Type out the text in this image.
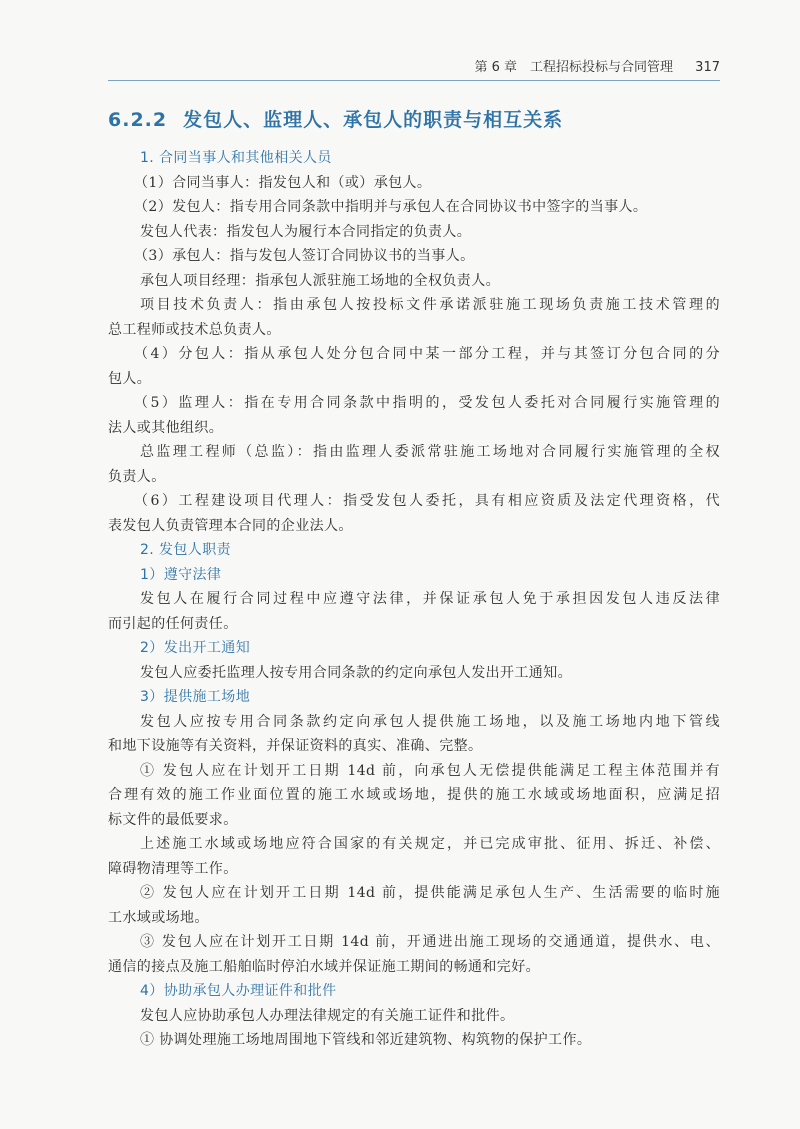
第 6 章　工程招标投标与合同管理 317
6.2.2 发包人、监理人、承包人的职责与相互关系
1. 合同当事人和其他相关人员
（1）合同当事人：指发包人和（或）承包人。
（2）发包人：指专用合同条款中指明并与承包人在合同协议书中签字的当事人。
发包人代表：指发包人为履行本合同指定的负责人。
（3）承包人：指与发包人签订合同协议书的当事人。
承包人项目经理：指承包人派驻施工场地的全权负责人。
项目技术负责人：指由承包人按投标文件承诺派驻施工现场负责施工技术管理的
总工程师或技术总负责人。
（4）分包人：指从承包人处分包合同中某一部分工程，并与其签订分包合同的分
包人。
（5）监理人：指在专用合同条款中指明的，受发包人委托对合同履行实施管理的
法人或其他组织。
总监理工程师（总监）：指由监理人委派常驻施工场地对合同履行实施管理的全权
负责人。
（6）工程建设项目代理人：指受发包人委托，具有相应资质及法定代理资格，代
表发包人负责管理本合同的企业法人。
2. 发包人职责
1）遵守法律
发包人在履行合同过程中应遵守法律，并保证承包人免于承担因发包人违反法律
而引起的任何责任。
2）发出开工通知
发包人应委托监理人按专用合同条款的约定向承包人发出开工通知。
3）提供施工场地
发包人应按专用合同条款约定向承包人提供施工场地，以及施工场地内地下管线
和地下设施等有关资料，并保证资料的真实、准确、完整。
① 发包人应在计划开工日期 14d 前，向承包人无偿提供能满足工程主体范围并有
合理有效的施工作业面位置的施工水域或场地，提供的施工水域或场地面积，应满足招
标文件的最低要求。
上述施工水域或场地应符合国家的有关规定，并已完成审批、征用、拆迁、补偿、
障碍物清理等工作。
② 发包人应在计划开工日期 14d 前，提供能满足承包人生产、生活需要的临时施
工水域或场地。
③ 发包人应在计划开工日期 14d 前，开通进出施工现场的交通通道，提供水、电、
通信的接点及施工船舶临时停泊水域并保证施工期间的畅通和完好。
4）协助承包人办理证件和批件
发包人应协助承包人办理法律规定的有关施工证件和批件。
① 协调处理施工场地周围地下管线和邻近建筑物、构筑物的保护工作。
